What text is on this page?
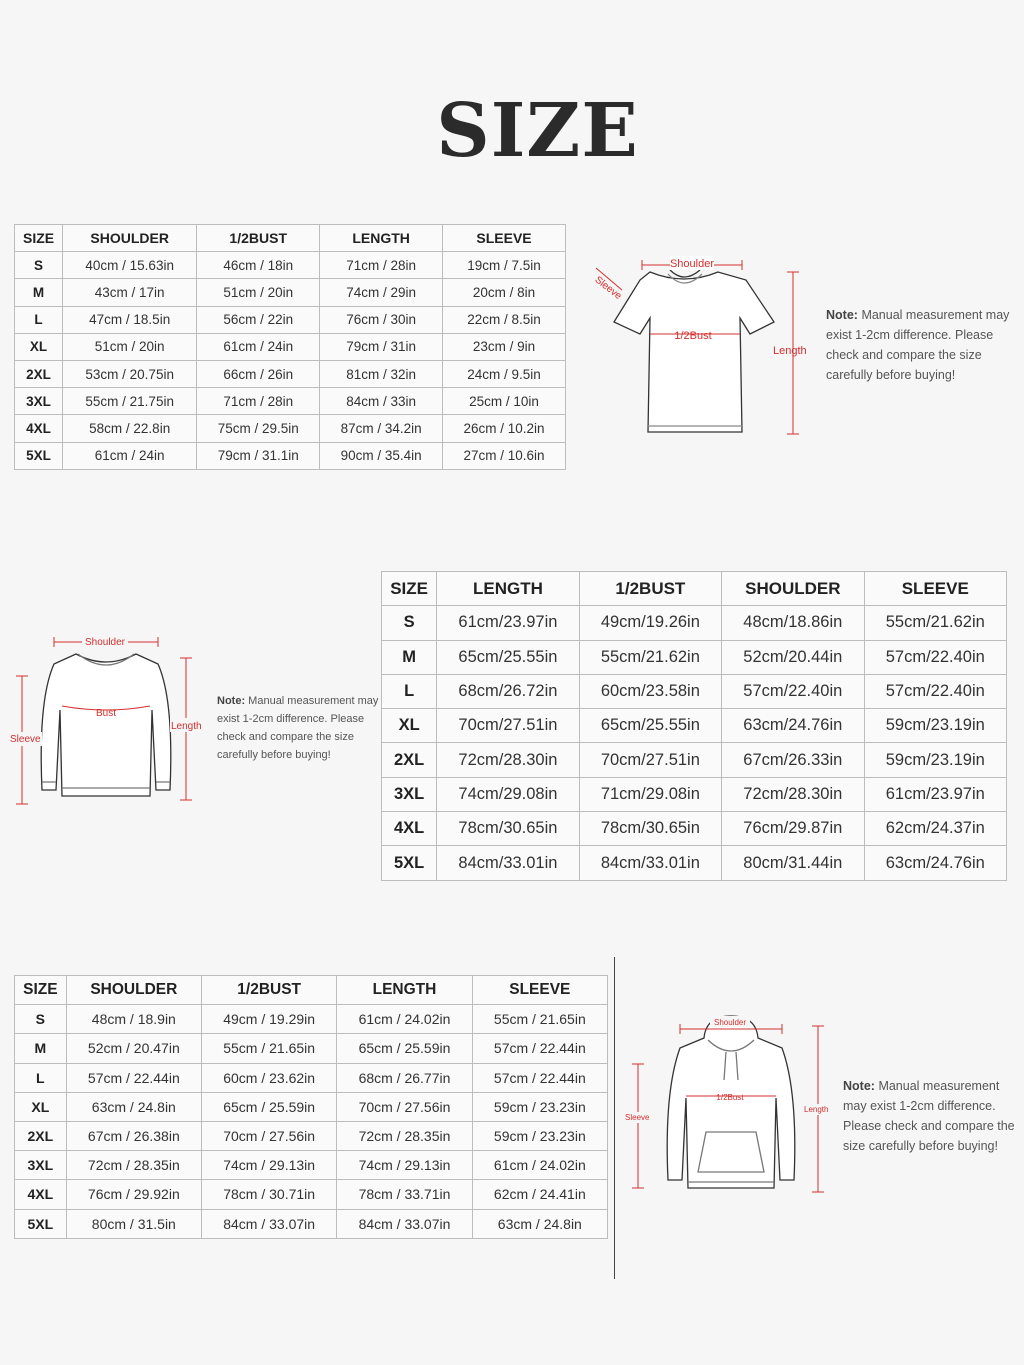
SIZE
SIZE	SHOULDER	1/2BUST	LENGTH	SLEEVE
S	40cm / 15.63in	46cm / 18in	71cm / 28in	19cm / 7.5in
M	43cm / 17in	51cm / 20in	74cm / 29in	20cm / 8in
L	47cm / 18.5in	56cm / 22in	76cm / 30in	22cm / 8.5in
XL	51cm / 20in	61cm / 24in	79cm / 31in	23cm / 9in
2XL	53cm / 20.75in	66cm / 26in	81cm / 32in	24cm / 9.5in
3XL	55cm / 21.75in	71cm / 28in	84cm / 33in	25cm / 10in
4XL	58cm / 22.8in	75cm / 29.5in	87cm / 34.2in	26cm / 10.2in
5XL	61cm / 24in	79cm / 31.1in	90cm / 35.4in	27cm / 10.6in
Shoulder
1/2Bust
Sleeve
Length
Note: Manual measurement may exist 1-2cm difference. Please check and compare the size carefully before buying!
Shoulder
Bust
Sleeve
Length
Note: Manual measurement may exist 1-2cm difference. Please check and compare the size carefully before buying!
SIZE	LENGTH	1/2BUST	SHOULDER	SLEEVE
S	61cm/23.97in	49cm/19.26in	48cm/18.86in	55cm/21.62in
M	65cm/25.55in	55cm/21.62in	52cm/20.44in	57cm/22.40in
L	68cm/26.72in	60cm/23.58in	57cm/22.40in	57cm/22.40in
XL	70cm/27.51in	65cm/25.55in	63cm/24.76in	59cm/23.19in
2XL	72cm/28.30in	70cm/27.51in	67cm/26.33in	59cm/23.19in
3XL	74cm/29.08in	71cm/29.08in	72cm/28.30in	61cm/23.97in
4XL	78cm/30.65in	78cm/30.65in	76cm/29.87in	62cm/24.37in
5XL	84cm/33.01in	84cm/33.01in	80cm/31.44in	63cm/24.76in
SIZE	SHOULDER	1/2BUST	LENGTH	SLEEVE
S	48cm / 18.9in	49cm / 19.29in	61cm / 24.02in	55cm / 21.65in
M	52cm / 20.47in	55cm / 21.65in	65cm / 25.59in	57cm / 22.44in
L	57cm / 22.44in	60cm / 23.62in	68cm / 26.77in	57cm / 22.44in
XL	63cm / 24.8in	65cm / 25.59in	70cm / 27.56in	59cm / 23.23in
2XL	67cm / 26.38in	70cm / 27.56in	72cm / 28.35in	59cm / 23.23in
3XL	72cm / 28.35in	74cm / 29.13in	74cm / 29.13in	61cm / 24.02in
4XL	76cm / 29.92in	78cm / 30.71in	78cm / 33.71in	62cm / 24.41in
5XL	80cm / 31.5in	84cm / 33.07in	84cm / 33.07in	63cm / 24.8in
Shoulder
1/2Bust
Sleeve
Length
Note: Manual measurement may exist 1-2cm difference. Please check and compare the size carefully before buying!
